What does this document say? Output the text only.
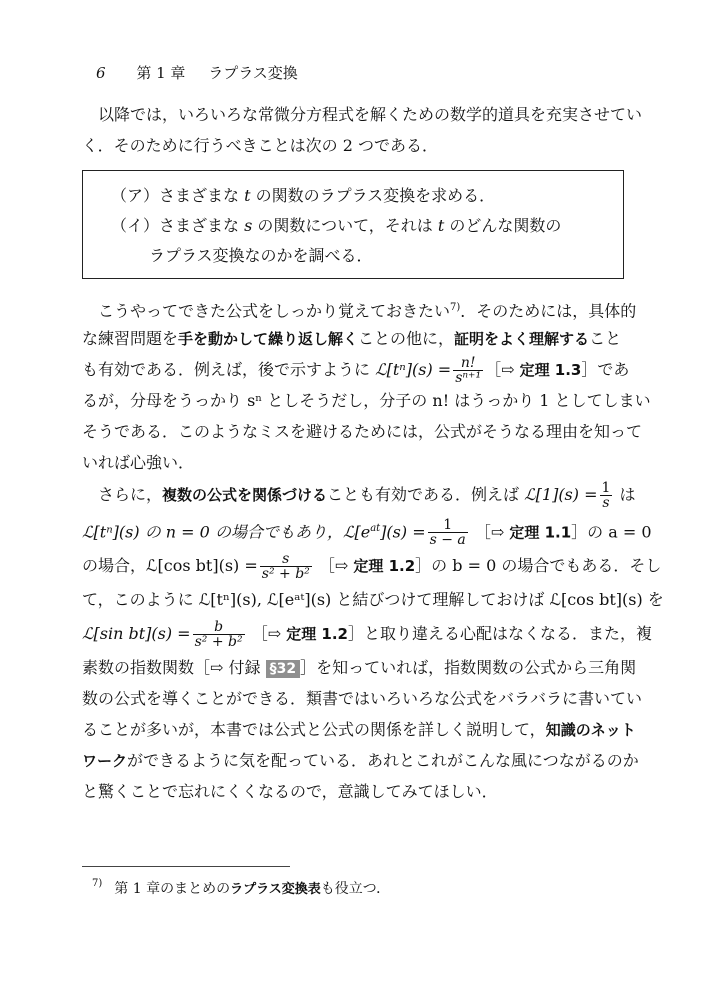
6 第 1 章 ラプラス変換
以降では，いろいろな常微分方程式を解くための数学的道具を充実させてい
く．そのために行うべきことは次の 2 つである．
（ア）さまざまな t の関数のラプラス変換を求める．
（イ）さまざまな s の関数について，それは t のどんな関数の
ラプラス変換なのかを調べる．
こうやってできた公式をしっかり覚えておきたい$^{7)}$．そのためには，具体的
な練習問題を手を動かして繰り返し解くことの他に，証明をよく理解すること
も有効である．例えば，後で示すように ℒ[tⁿ](s) = $\frac{n!}{\text{sⁿ⁺¹}}$ ［⇨ 定理 1.3］であ
るが，分母をうっかり sⁿ としそうだし，分子の n! はうっかり 1 としてしまい
そうである．このようなミスを避けるためには，公式がそうなる理由を知って
いれば心強い．
さらに，複数の公式を関係づけることも有効である．例えば ℒ[1](s) = $\frac{1}{s}$ は
ℒ[tⁿ](s) の n = 0 の場合でもあり，$ℒ[e^{at}](s) = \frac{1}{s - a}$ ［⇨ 定理 1.1］の a = 0
の場合，ℒ[cos $bt](s) = \frac{s}{\text{s² + b²}}$ ［⇨ 定理 1.2］の b = 0 の場合でもある．そし
て，このように ℒ[tⁿ](s), ℒ[eᵃᵗ](s) と結びつけて理解しておけば ℒ[cos bt](s) を
ℒ[sin $bt](s) = \frac{b}{\text{s² + b²}}$ ［⇨ 定理 1.2］と取り違える心配はなくなる．また，複
素数の指数関数［⇨ 付録 §32 ］を知っていれば，指数関数の公式から三角関
数の公式を導くことができる．類書ではいろいろな公式をバラバラに書いてい
ることが多いが，本書では公式と公式の関係を詳しく説明して，知識のネット
ワークができるように気を配っている．あれとこれがこんな風につながるのか
と驚くことで忘れにくくなるので，意識してみてほしい．
$^{7)}$ 第 1 章のまとめのラプラス変換表も役立つ．
